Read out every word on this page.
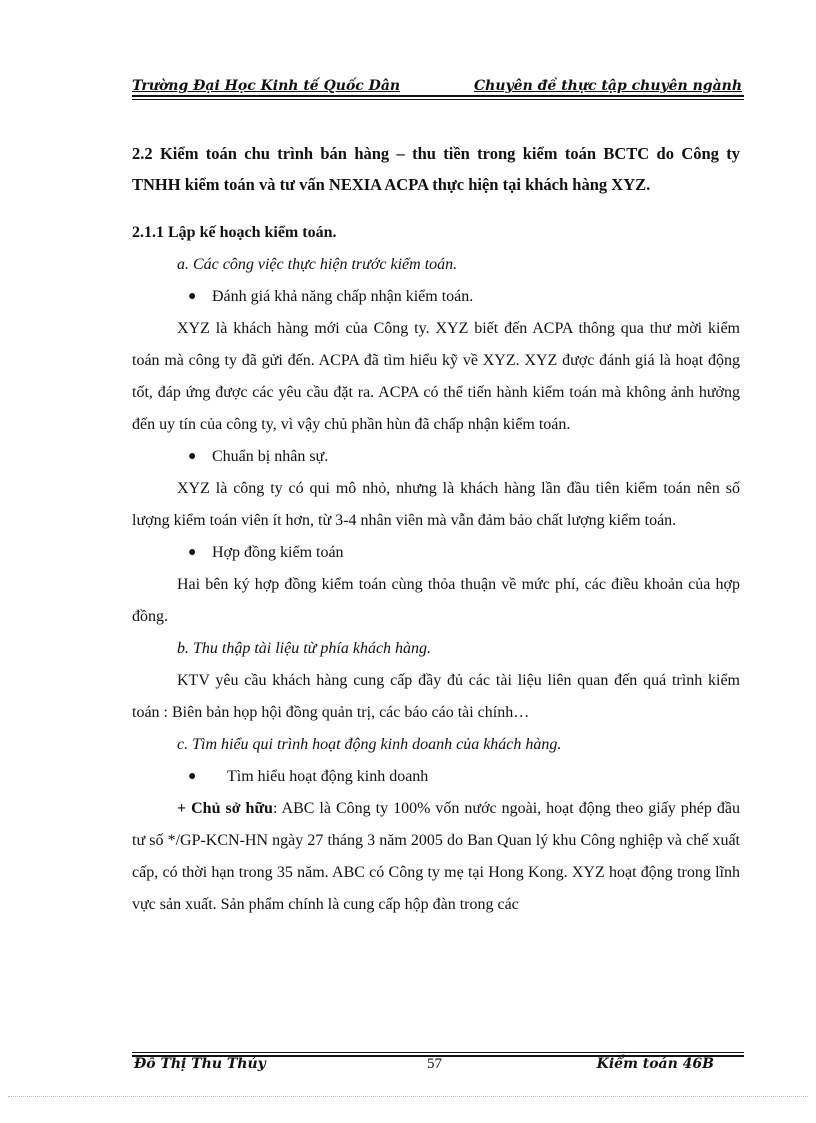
Trường Đại Học Kinh tế Quốc Dân	Chuyên đề thực tập chuyên ngành

2.2 Kiểm toán chu trình bán hàng – thu tiền trong kiểm toán BCTC do Công ty TNHH kiểm toán và tư vấn NEXIA ACPA thực hiện tại khách hàng XYZ.

2.1.1 Lập kế hoạch kiểm toán.

a. Các công việc thực hiện trước kiểm toán.

● Đánh giá khả năng chấp nhận kiểm toán.

XYZ là khách hàng mới của Công ty. XYZ biết đến ACPA thông qua thư mời kiểm toán mà công ty đã gửi đến. ACPA đã tìm hiểu kỹ về XYZ. XYZ được đánh giá là hoạt động tốt, đáp ứng được các yêu cầu đặt ra. ACPA có thể tiến hành kiểm toán mà không ảnh hưởng đến uy tín của công ty, vì vậy chủ phần hùn đã chấp nhận kiểm toán.

● Chuẩn bị nhân sự.

XYZ là công ty có qui mô nhỏ, nhưng là khách hàng lần đầu tiên kiểm toán nên số lượng kiểm toán viên ít hơn, từ 3-4 nhân viên mà vẫn đảm bảo chất lượng kiểm toán.

● Hợp đồng kiểm toán

Hai bên ký hợp đồng kiểm toán cùng thỏa thuận về mức phí, các điều khoản của hợp đồng.

b. Thu thập tài liệu từ phía khách hàng.

KTV yêu cầu khách hàng cung cấp đầy đủ các tài liệu liên quan đến quá trình kiểm toán : Biên bản họp hội đồng quản trị, các báo cáo tài chính…

c. Tìm hiểu qui trình hoạt động kinh doanh của khách hàng.

● Tìm hiểu hoạt động kinh doanh

+ Chủ sở hữu: ABC là Công ty 100% vốn nước ngoài, hoạt động theo giấy phép đầu tư số */GP-KCN-HN ngày 27 tháng 3 năm 2005 do Ban Quan lý khu Công nghiệp và chế xuất cấp, có thời hạn trong 35 năm. ABC có Công ty mẹ tại Hong Kong. XYZ hoạt động trong lĩnh vực sản xuất. Sản phẩm chính là cung cấp hộp đàn trong các

Đỗ Thị Thu Thủy	57	Kiểm toán 46B
